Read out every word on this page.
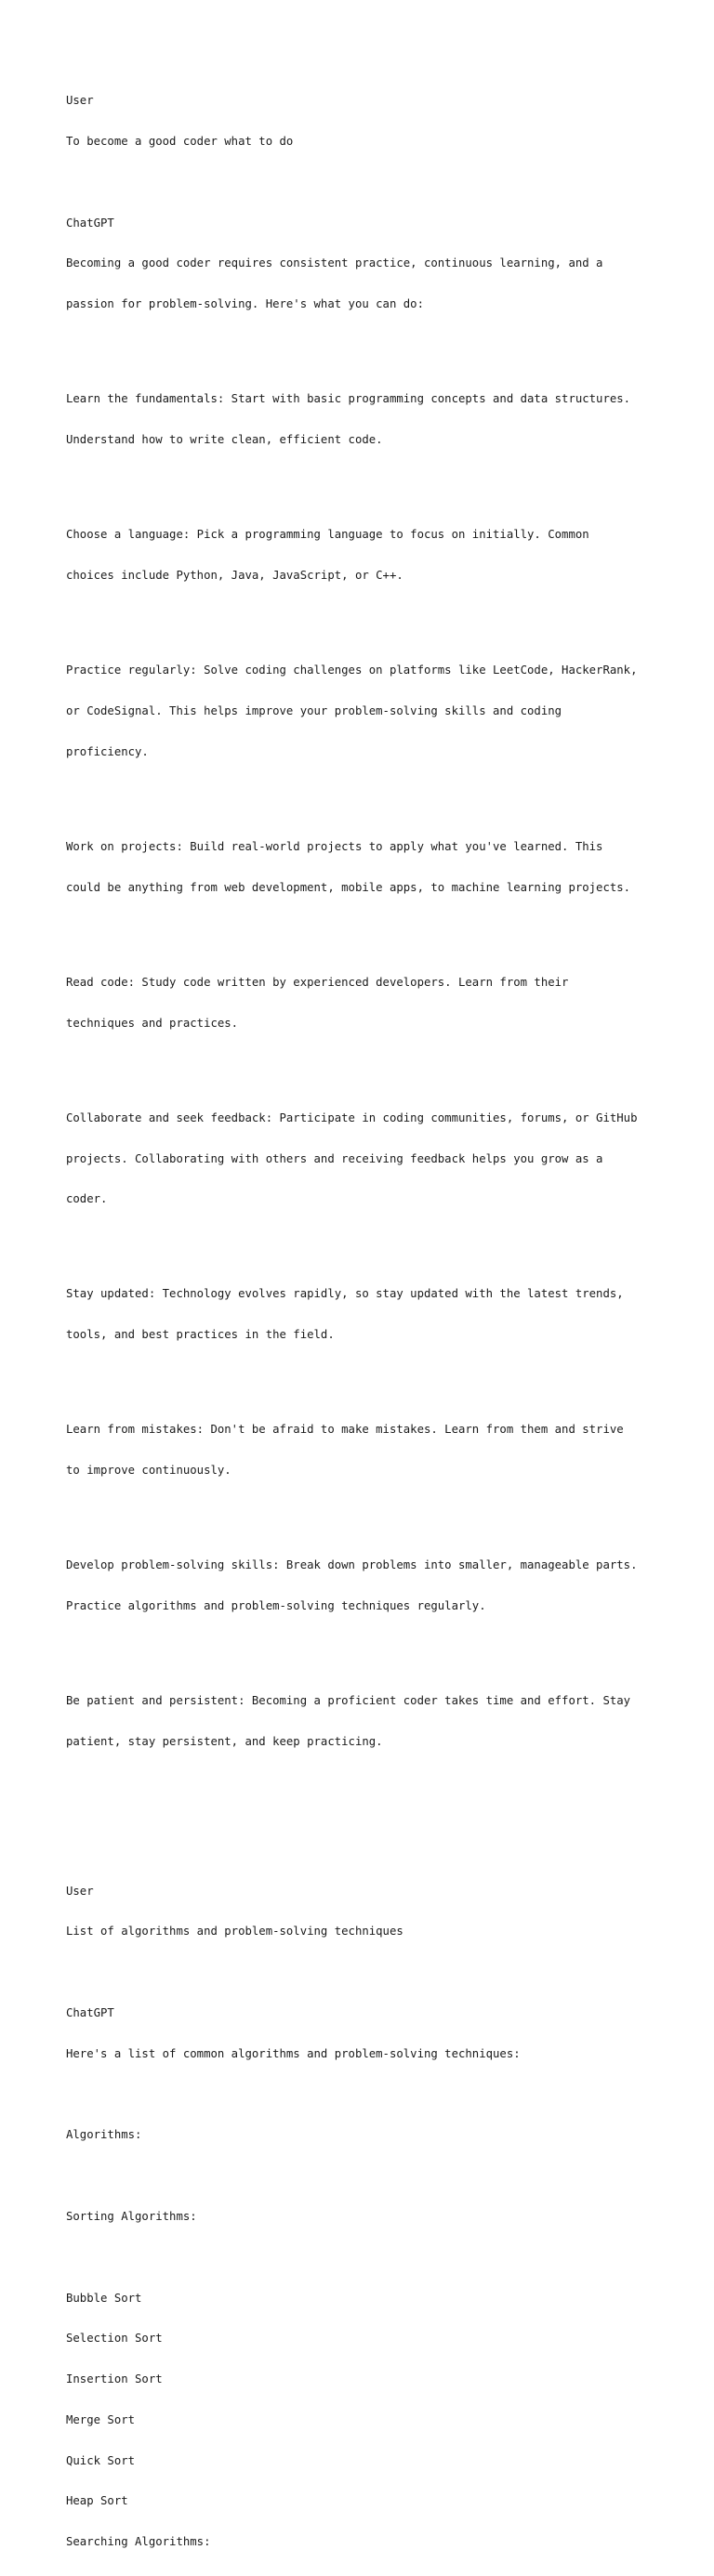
User

To become a good coder what to do

ChatGPT

Becoming a good coder requires consistent practice, continuous learning, and a

passion for problem-solving. Here's what you can do:

Learn the fundamentals: Start with basic programming concepts and data structures.

Understand how to write clean, efficient code.

Choose a language: Pick a programming language to focus on initially. Common

choices include Python, Java, JavaScript, or C++.

Practice regularly: Solve coding challenges on platforms like LeetCode, HackerRank,

or CodeSignal. This helps improve your problem-solving skills and coding

proficiency.

Work on projects: Build real-world projects to apply what you've learned. This

could be anything from web development, mobile apps, to machine learning projects.

Read code: Study code written by experienced developers. Learn from their

techniques and practices.

Collaborate and seek feedback: Participate in coding communities, forums, or GitHub

projects. Collaborating with others and receiving feedback helps you grow as a

coder.

Stay updated: Technology evolves rapidly, so stay updated with the latest trends,

tools, and best practices in the field.

Learn from mistakes: Don't be afraid to make mistakes. Learn from them and strive

to improve continuously.

Develop problem-solving skills: Break down problems into smaller, manageable parts.

Practice algorithms and problem-solving techniques regularly.

Be patient and persistent: Becoming a proficient coder takes time and effort. Stay

patient, stay persistent, and keep practicing.

User

List of algorithms and problem-solving techniques

ChatGPT

Here's a list of common algorithms and problem-solving techniques:

Algorithms:

Sorting Algorithms:

Bubble Sort

Selection Sort

Insertion Sort

Merge Sort

Quick Sort

Heap Sort

Searching Algorithms:
